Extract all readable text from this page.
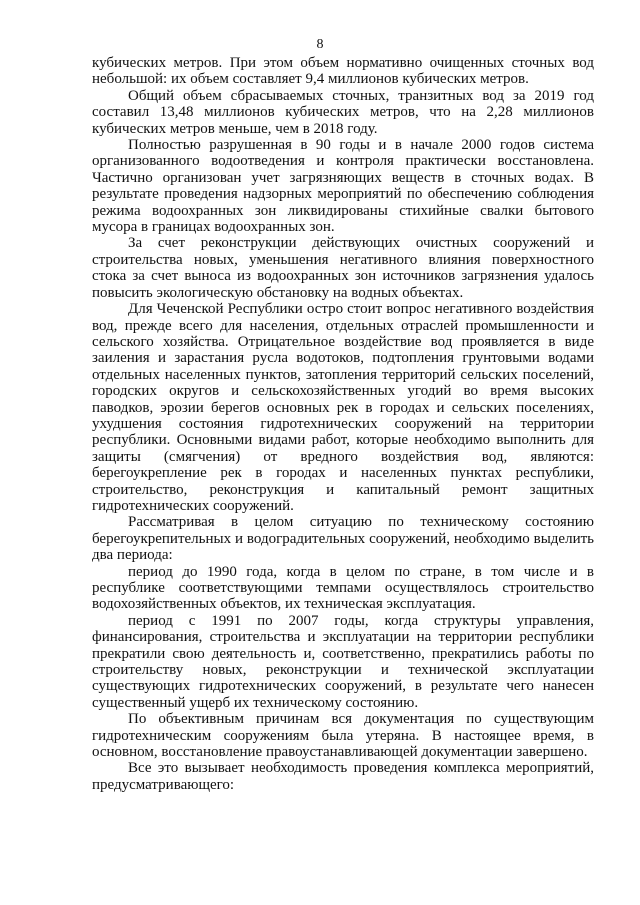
8

кубических метров. При этом объем нормативно очищенных сточных вод небольшой: их объем составляет 9,4 миллионов кубических метров.

Общий объем сбрасываемых сточных, транзитных вод за 2019 год составил 13,48 миллионов кубических метров, что на 2,28 миллионов кубических метров меньше, чем в 2018 году.

Полностью разрушенная в 90 годы и в начале 2000 годов система организованного водоотведения и контроля практически восстановлена. Частично организован учет загрязняющих веществ в сточных водах. В результате проведения надзорных мероприятий по обеспечению соблюдения режима водоохранных зон ликвидированы стихийные свалки бытового мусора в границах водоохранных зон.

За счет реконструкции действующих очистных сооружений и строительства новых, уменьшения негативного влияния поверхностного стока за счет выноса из водоохранных зон источников загрязнения удалось повысить экологическую обстановку на водных объектах.

Для Чеченской Республики остро стоит вопрос негативного воздействия вод, прежде всего для населения, отдельных отраслей промышленности и сельского хозяйства. Отрицательное воздействие вод проявляется в виде заиления и зарастания русла водотоков, подтопления грунтовыми водами отдельных населенных пунктов, затопления территорий сельских поселений, городских округов и сельскохозяйственных угодий во время высоких паводков, эрозии берегов основных рек в городах и сельских поселениях, ухудшения состояния гидротехнических сооружений на территории республики. Основными видами работ, которые необходимо выполнить для защиты (смягчения) от вредного воздействия вод, являются: берегоукрепление рек в городах и населенных пунктах республики, строительство, реконструкция и капитальный ремонт защитных гидротехнических сооружений.

Рассматривая в целом ситуацию по техническому состоянию берегоукрепительных и водоградительных сооружений, необходимо выделить два периода:

период до 1990 года, когда в целом по стране, в том числе и в республике соответствующими темпами осуществлялось строительство водохозяйственных объектов, их техническая эксплуатация.

период с 1991 по 2007 годы, когда структуры управления, финансирования, строительства и эксплуатации на территории республики прекратили свою деятельность и, соответственно, прекратились работы по строительству новых, реконструкции и технической эксплуатации существующих гидротехнических сооружений, в результате чего нанесен существенный ущерб их техническому состоянию.

По объективным причинам вся документация по существующим гидротехническим сооружениям была утеряна. В настоящее время, в основном, восстановление правоустанавливающей документации завершено.

Все это вызывает необходимость проведения комплекса мероприятий, предусматривающего:
